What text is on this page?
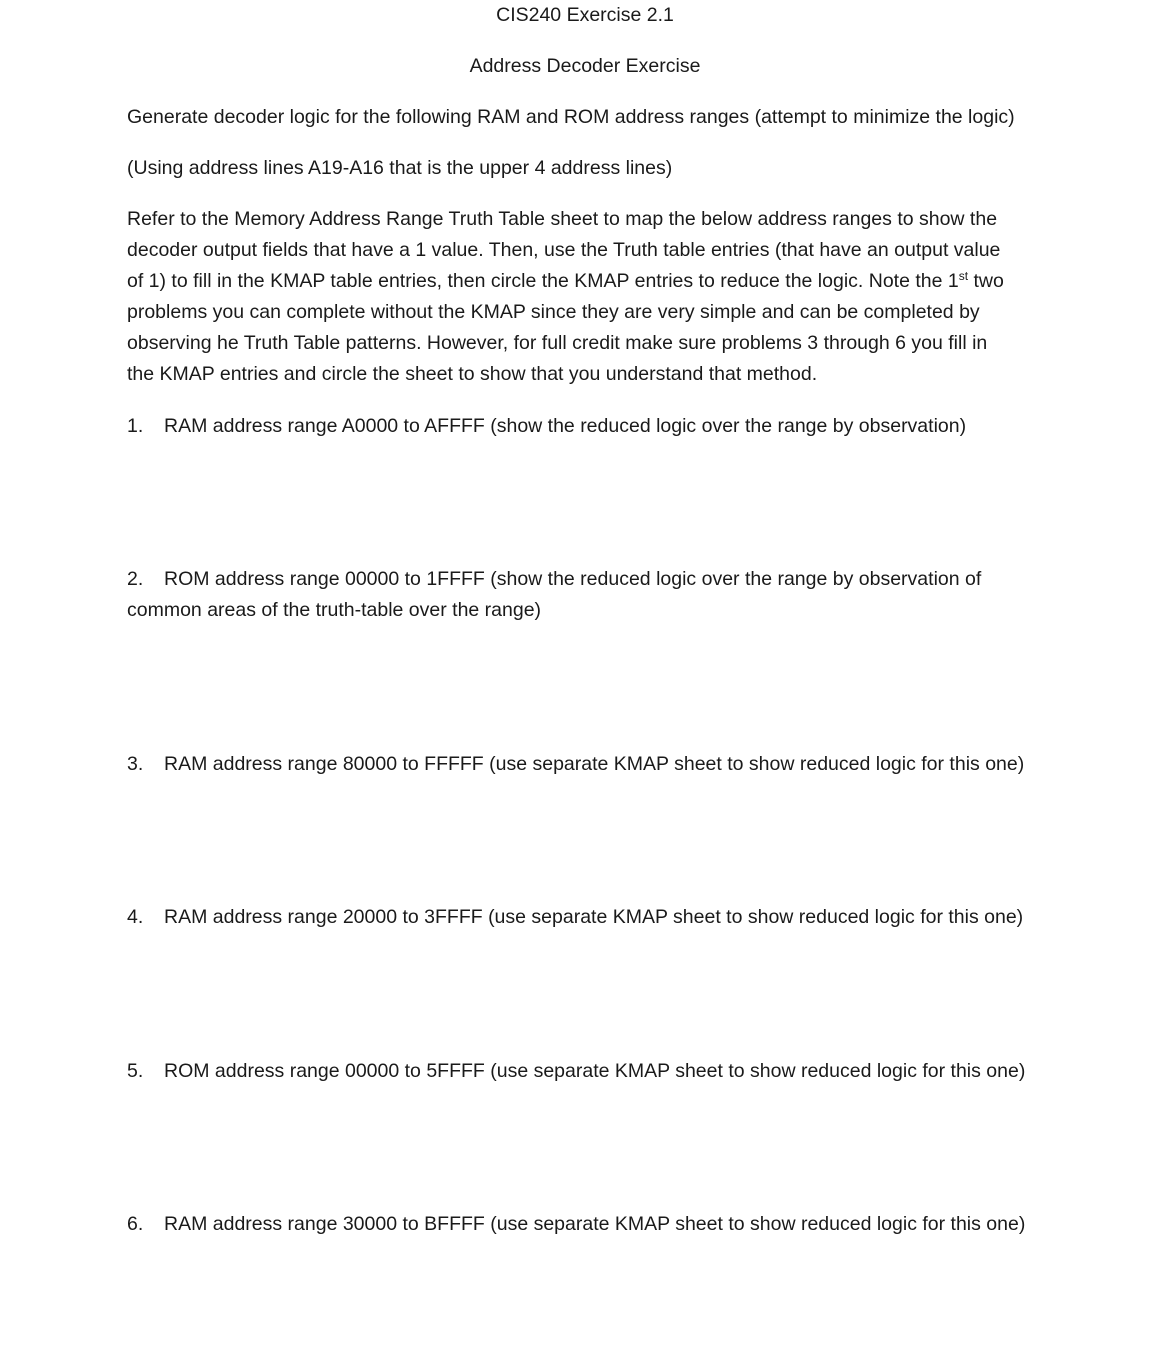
CIS240 Exercise 2.1
Address Decoder Exercise
Generate decoder logic for the following RAM and ROM address ranges (attempt to minimize the logic)
(Using address lines A19-A16 that is the upper 4 address lines)
Refer to the Memory Address Range Truth Table sheet to map the below address ranges to show the
decoder output fields that have a 1 value. Then, use the Truth table entries (that have an output value
of 1) to fill in the KMAP table entries, then circle the KMAP entries to reduce the logic. Note the 1st two
problems you can complete without the KMAP since they are very simple and can be completed by
observing he Truth Table patterns. However, for full credit make sure problems 3 through 6 you fill in
the KMAP entries and circle the sheet to show that you understand that method.
1. RAM address range A0000 to AFFFF (show the reduced logic over the range by observation)
2. ROM address range 00000 to 1FFFF (show the reduced logic over the range by observation of
common areas of the truth-table over the range)
3. RAM address range 80000 to FFFFF (use separate KMAP sheet to show reduced logic for this one)
4. RAM address range 20000 to 3FFFF (use separate KMAP sheet to show reduced logic for this one)
5. ROM address range 00000 to 5FFFF (use separate KMAP sheet to show reduced logic for this one)
6. RAM address range 30000 to BFFFF (use separate KMAP sheet to show reduced logic for this one)
